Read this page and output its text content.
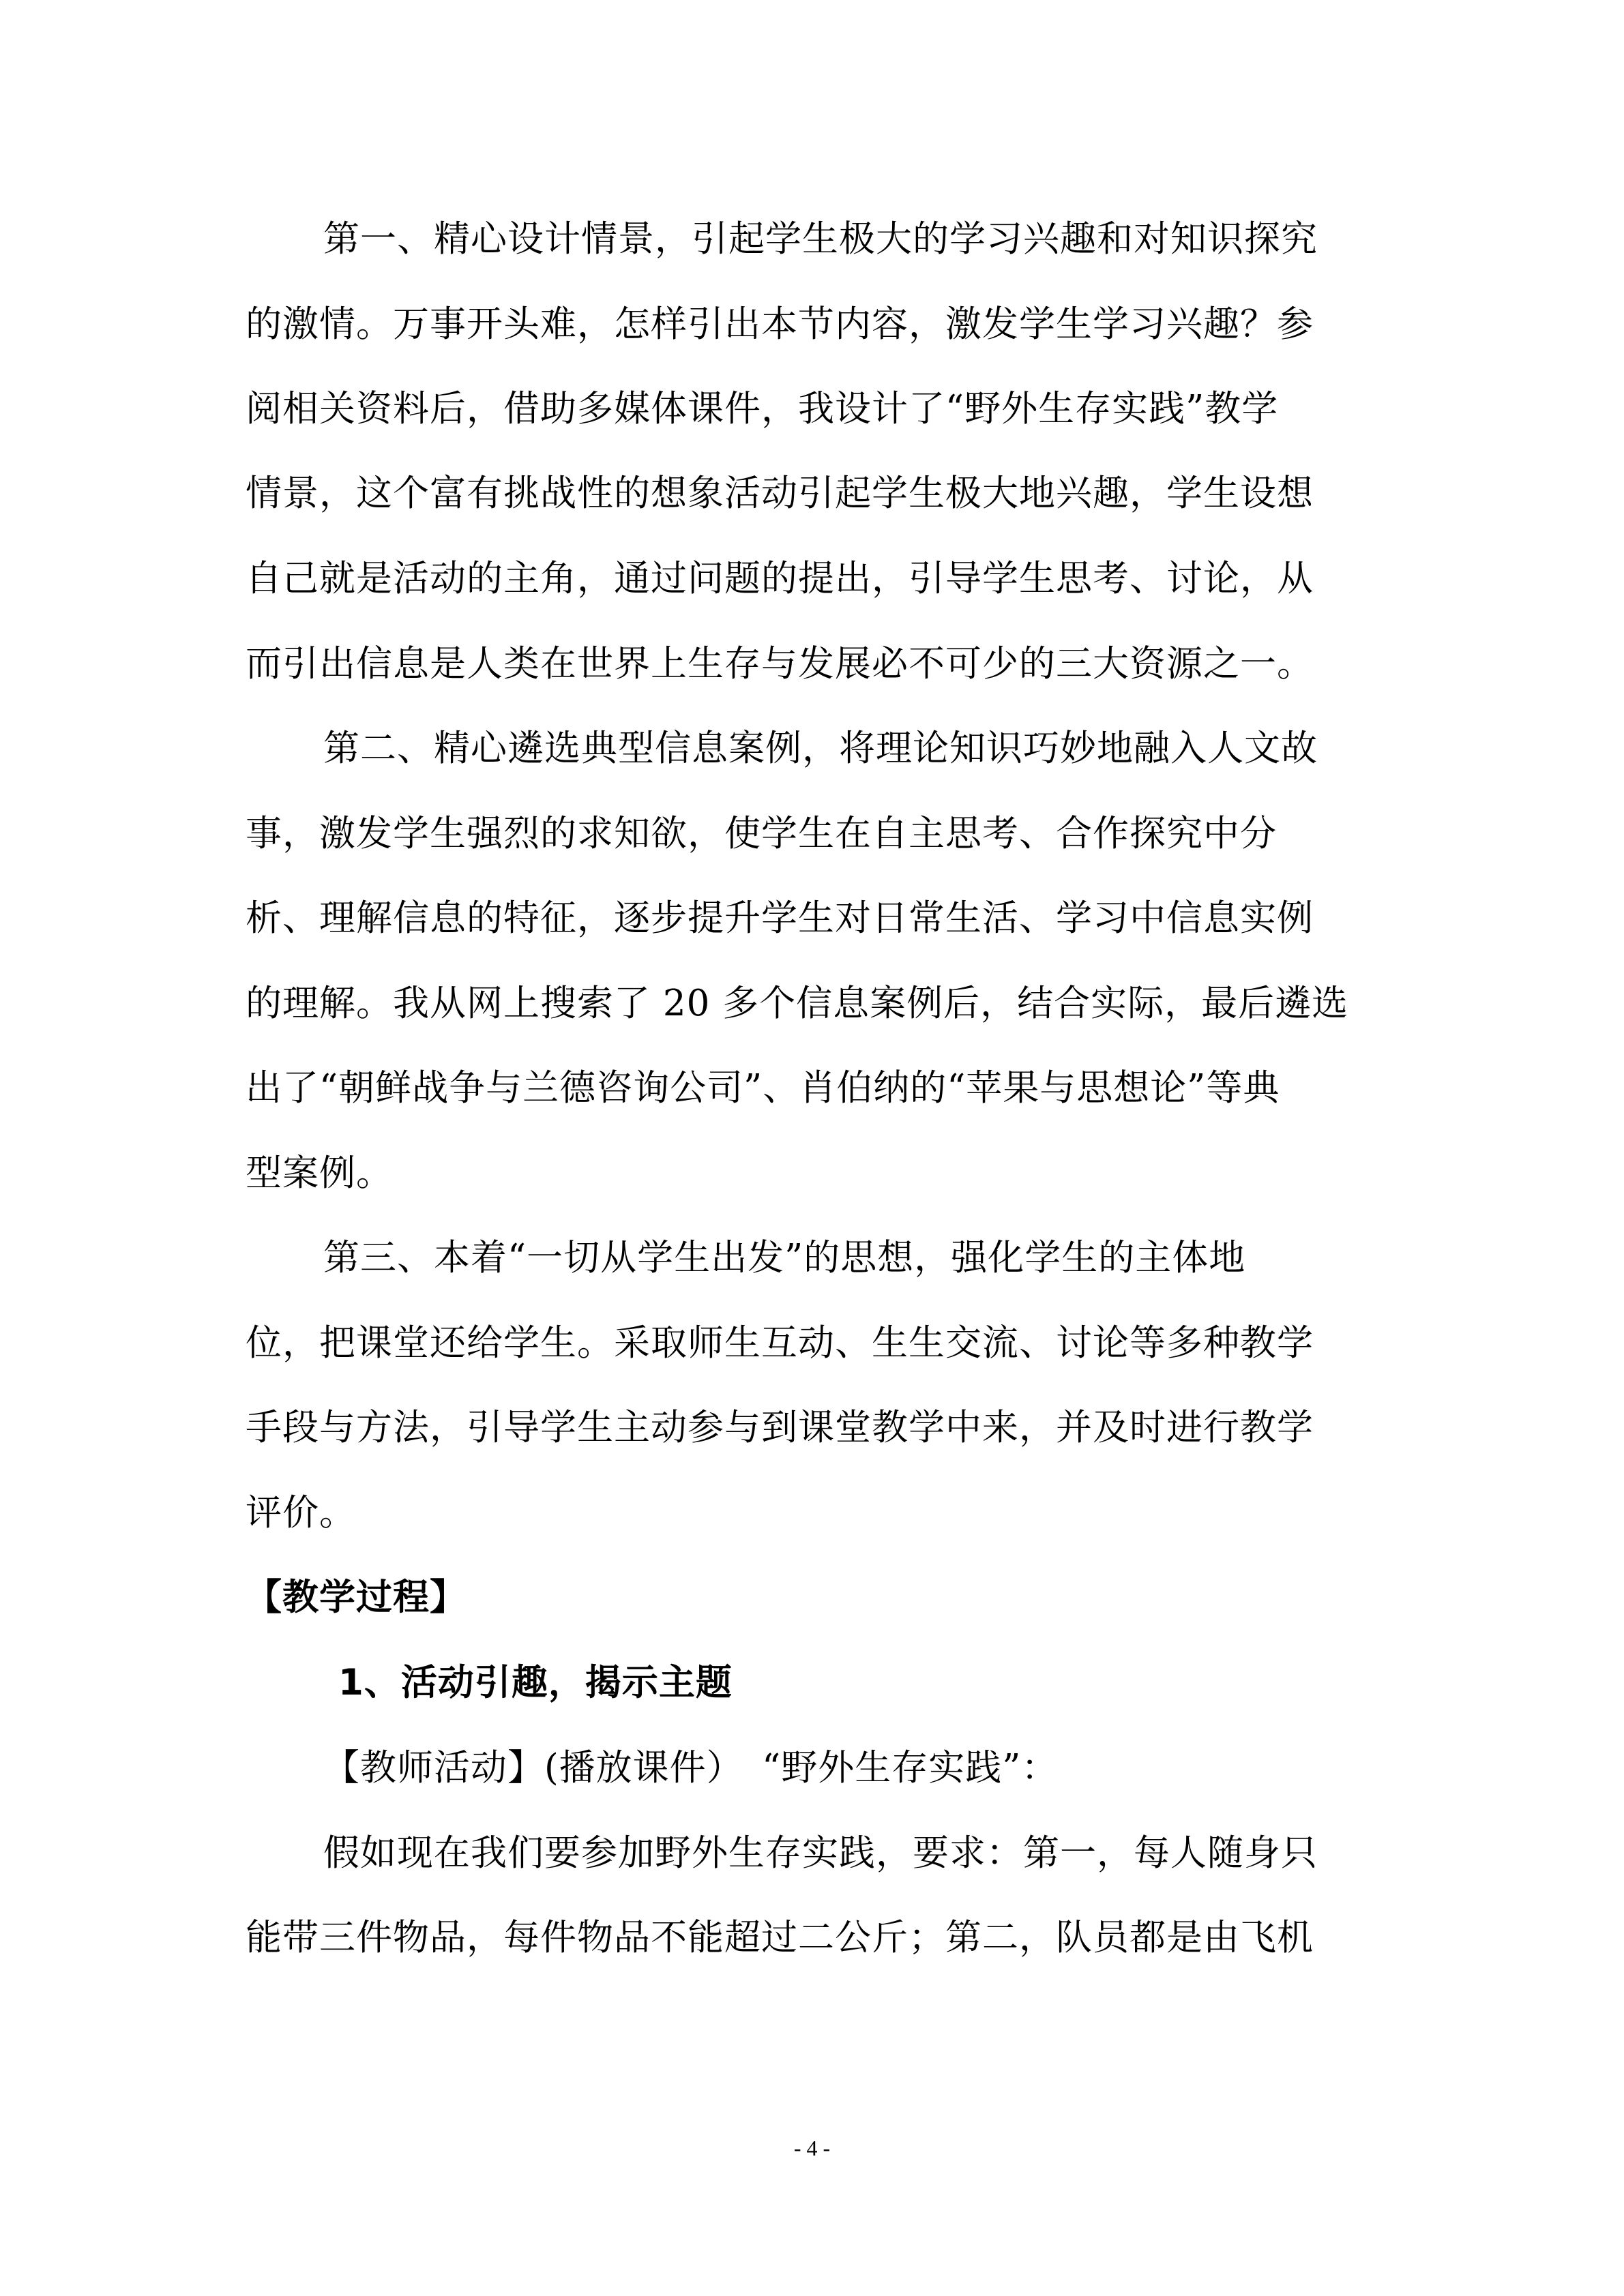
第一、精心设计情景，引起学生极大的学习兴趣和对知识探究
的激情。万事开头难，怎样引出本节内容，激发学生学习兴趣？参
阅相关资料后，借助多媒体课件，我设计了“野外生存实践”教学
情景，这个富有挑战性的想象活动引起学生极大地兴趣，学生设想
自己就是活动的主角，通过问题的提出，引导学生思考、讨论，从
而引出信息是人类在世界上生存与发展必不可少的三大资源之一。
第二、精心遴选典型信息案例，将理论知识巧妙地融入人文故
事，激发学生强烈的求知欲，使学生在自主思考、合作探究中分
析、理解信息的特征，逐步提升学生对日常生活、学习中信息实例
的理解。我从网上搜索了 20 多个信息案例后，结合实际，最后遴选
出了“朝鲜战争与兰德咨询公司”、肖伯纳的“苹果与思想论”等典
型案例。
第三、本着“一切从学生出发”的思想，强化学生的主体地
位，把课堂还给学生。采取师生互动、生生交流、讨论等多种教学
手段与方法，引导学生主动参与到课堂教学中来，并及时进行教学
评价。
【教学过程】
1、活动引趣，揭示主题
【教师活动】(播放课件）　“野外生存实践”：
假如现在我们要参加野外生存实践，要求：第一，每人随身只
能带三件物品，每件物品不能超过二公斤；第二，队员都是由飞机
- 4 -
